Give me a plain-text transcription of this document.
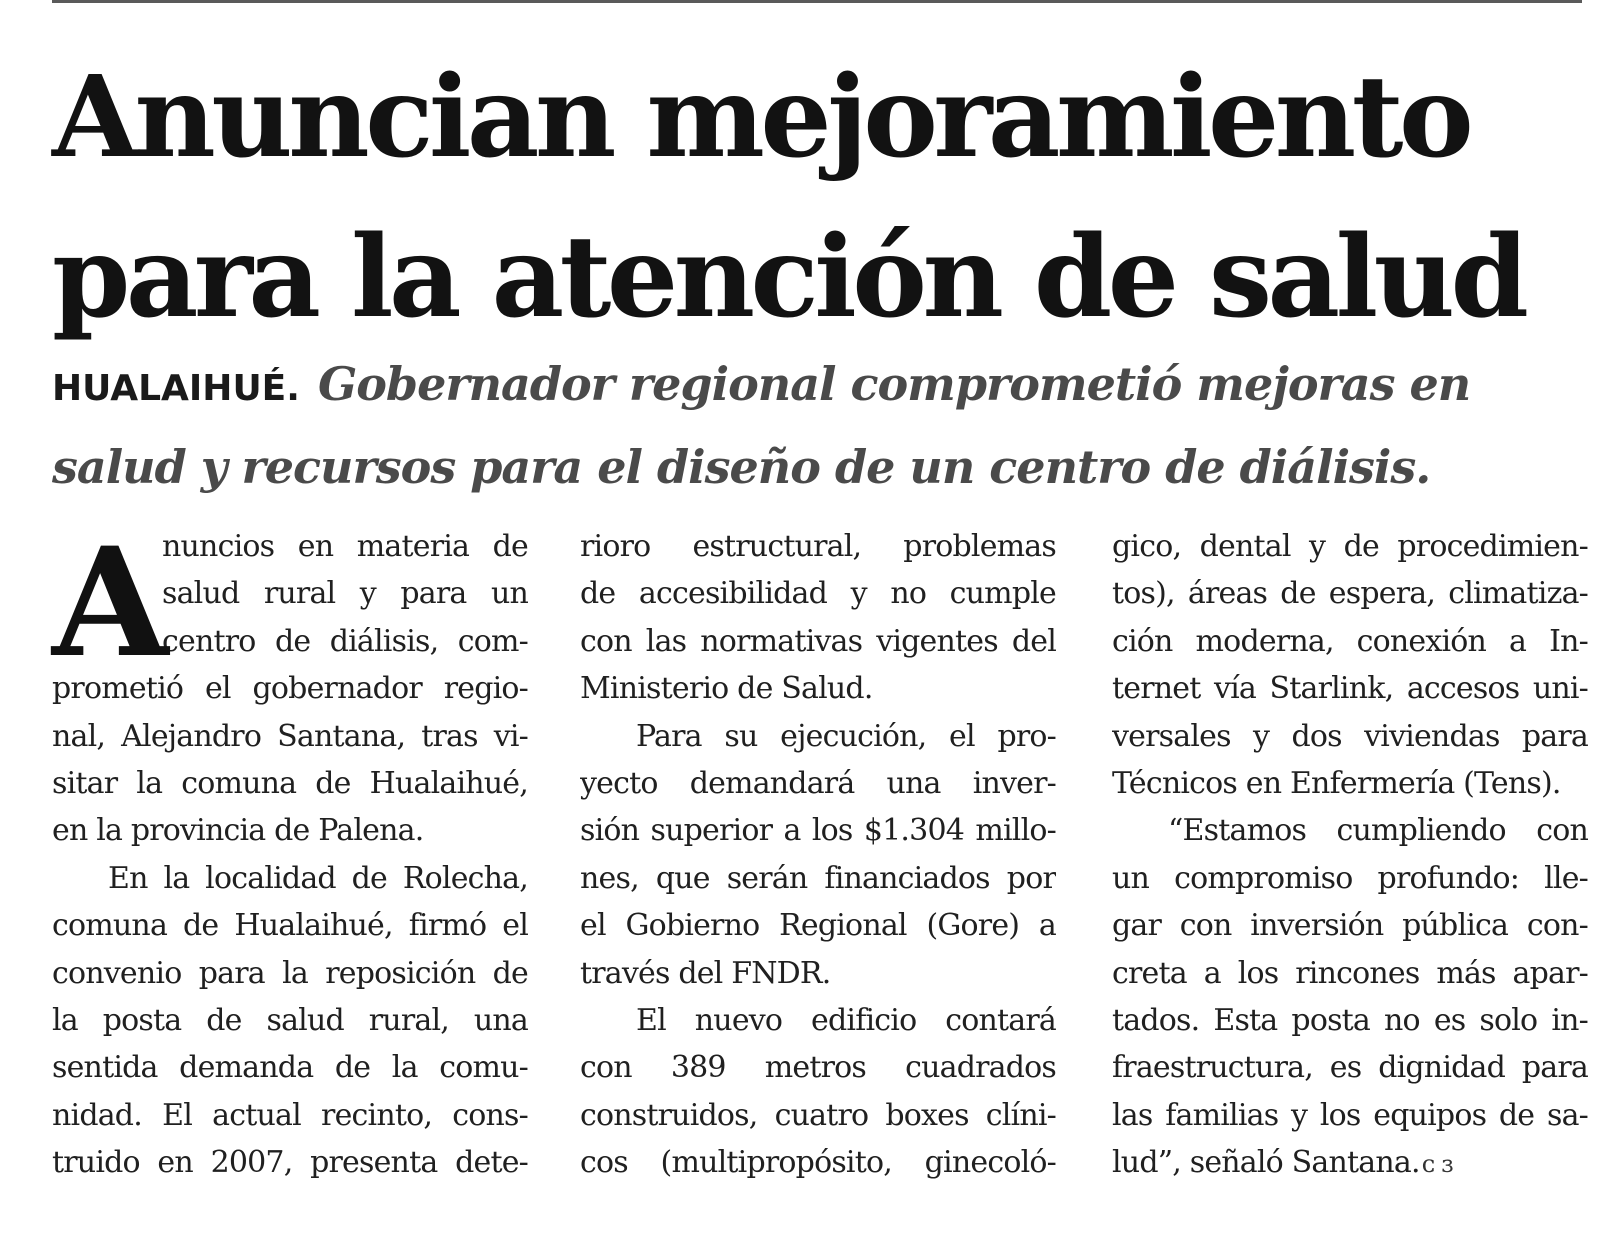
Anuncian mejoramiento
para la atención de salud

HUALAIHUÉ. Gobernador regional comprometió mejoras en
salud y recursos para el diseño de un centro de diálisis.

A
nuncios en materia de
salud rural y para un
centro de diálisis, com-
prometió el gobernador regio-
nal, Alejandro Santana, tras vi-
sitar la comuna de Hualaihué,
en la provincia de Palena.
En la localidad de Rolecha,
comuna de Hualaihué, firmó el
convenio para la reposición de
la posta de salud rural, una
sentida demanda de la comu-
nidad. El actual recinto, cons-
truido en 2007, presenta dete-
rioro estructural, problemas
de accesibilidad y no cumple
con las normativas vigentes del
Ministerio de Salud.
Para su ejecución, el pro-
yecto demandará una inver-
sión superior a los $1.304 millo-
nes, que serán financiados por
el Gobierno Regional (Gore) a
través del FNDR.
El nuevo edificio contará
con 389 metros cuadrados
construidos, cuatro boxes clíni-
cos (multipropósito, ginecoló-
gico, dental y de procedimien-
tos), áreas de espera, climatiza-
ción moderna, conexión a In-
ternet vía Starlink, accesos uni-
versales y dos viviendas para
Técnicos en Enfermería (Tens).
“Estamos cumpliendo con
un compromiso profundo: lle-
gar con inversión pública con-
creta a los rincones más apar-
tados. Esta posta no es solo in-
fraestructura, es dignidad para
las familias y los equipos de sa-
lud”, señaló Santana.ᴄ ɜ
